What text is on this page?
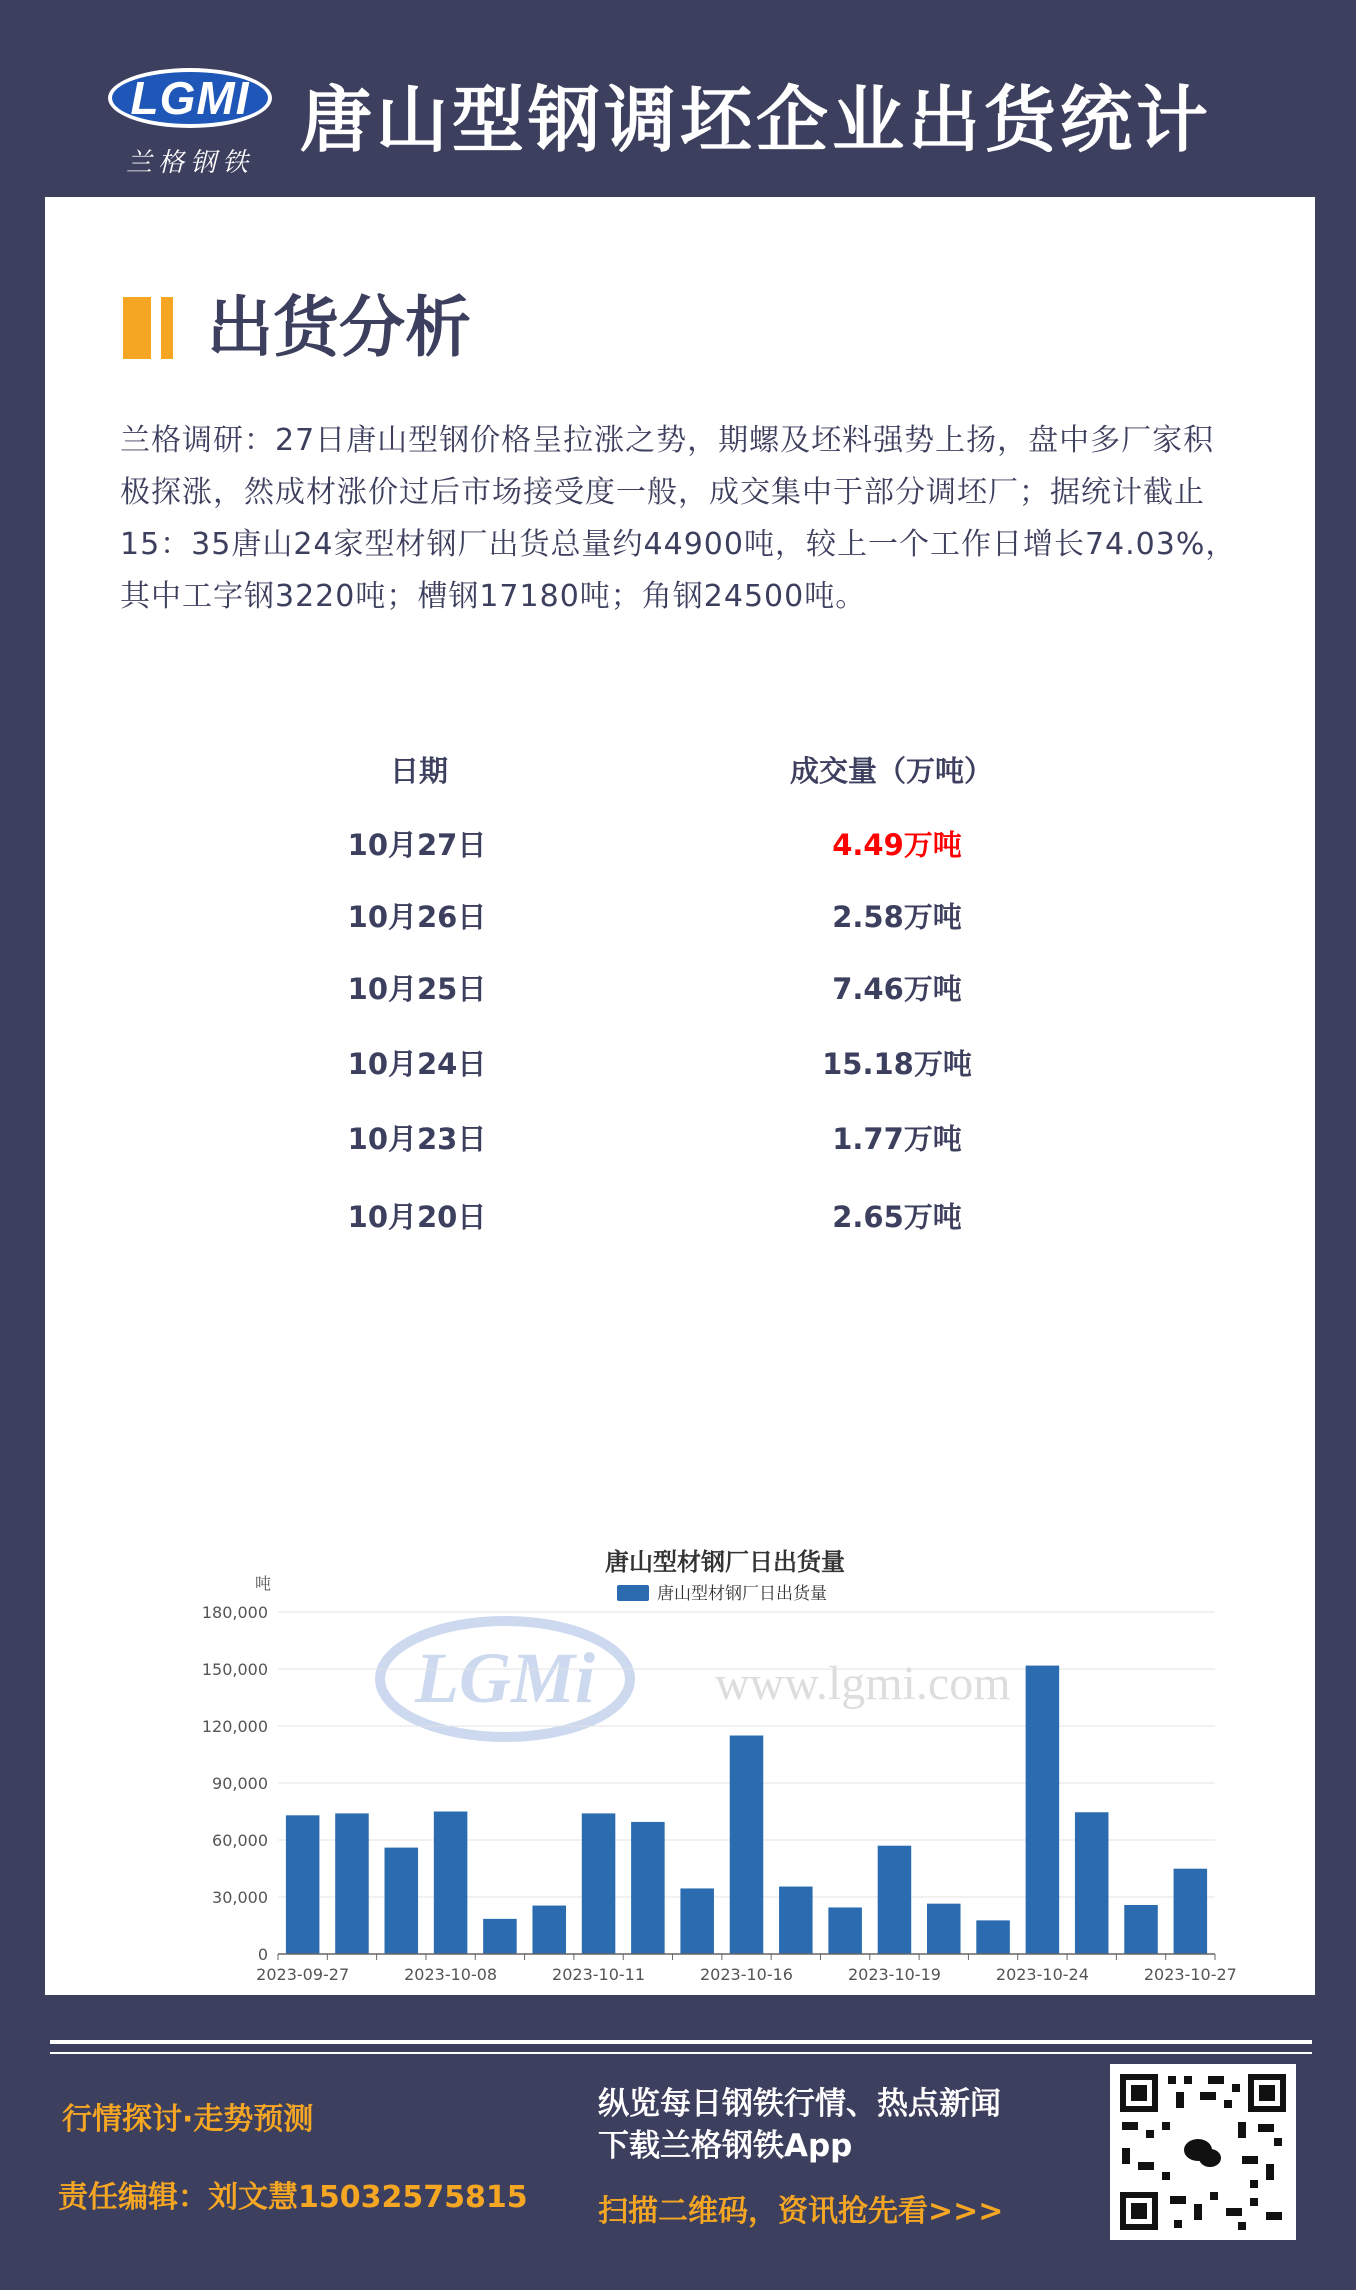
LGMI
兰格钢铁
唐山型钢调坯企业出货统计
出货分析
兰格调研：27日唐山型钢价格呈拉涨之势，期螺及坯料强势上扬，盘中多厂家积极探涨，然成材涨价过后市场接受度一般，成交集中于部分调坯厂；据统计截止15：35唐山24家型材钢厂出货总量约44900吨，较上一个工作日增长74.03%，其中工字钢3220吨；槽钢17180吨；角钢24500吨。
日期	成交量（万吨）
10月27日	4.49万吨
10月26日	2.58万吨
10月25日	7.46万吨
10月24日	15.18万吨
10月23日	1.77万吨
10月20日	2.65万吨
LGMi	www.lgmi.com
唐山型材钢厂日出货量
唐山型材钢厂日出货量
吨
0
30,000
60,000
90,000
120,000
150,000
180,000
2023-09-27	2023-10-08	2023-10-11	2023-10-16	2023-10-19	2023-10-24	2023-10-27
行情探讨·走势预测
责任编辑：刘文慧15032575815
纵览每日钢铁行情、热点新闻
下载兰格钢铁App
扫描二维码，资讯抢先看>>>
